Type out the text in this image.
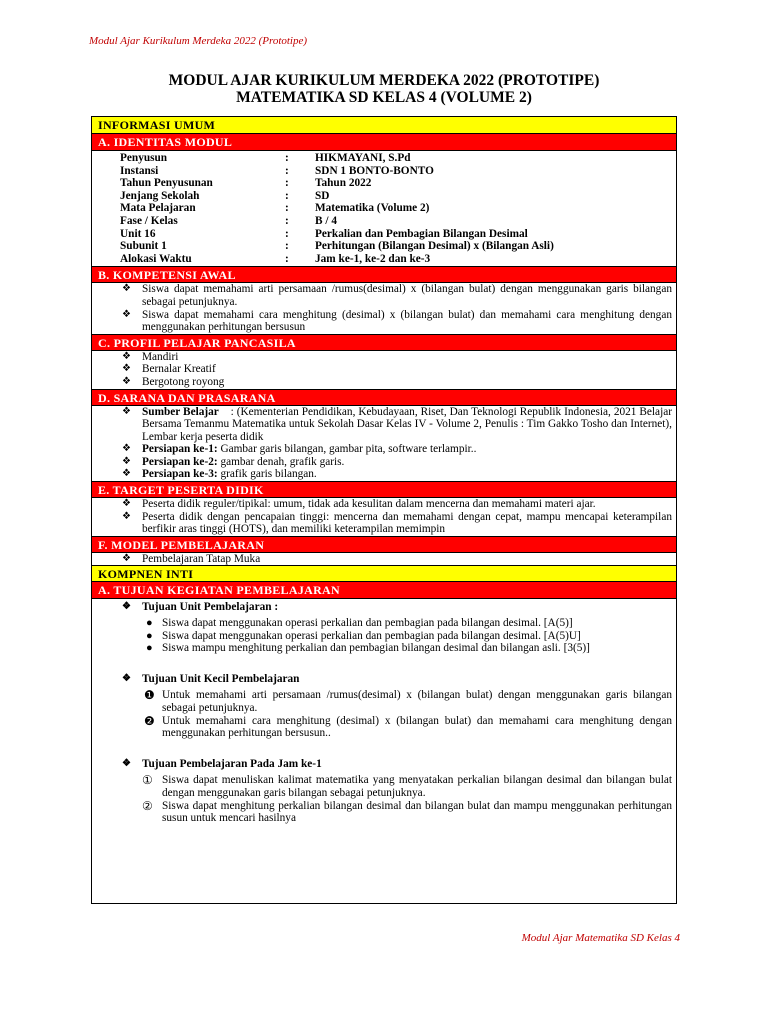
Modul Ajar Kurikulum Merdeka 2022 (Prototipe)
MODUL AJAR KURIKULUM MERDEKA 2022 (PROTOTIPE)
MATEMATIKA SD KELAS 4 (VOLUME 2)
INFORMASI UMUM
A. IDENTITAS MODUL
Penyusun	:	HIKMAYANI, S.Pd
Instansi	:	SDN 1 BONTO-BONTO
Tahun Penyusunan	:	Tahun 2022
Jenjang Sekolah	:	SD
Mata Pelajaran	:	Matematika (Volume 2)
Fase / Kelas	:	B / 4
Unit 16	:	Perkalian dan Pembagian Bilangan Desimal
Subunit 1	:	Perhitungan (Bilangan Desimal) x (Bilangan Asli)
Alokasi Waktu	:	Jam ke-1, ke-2 dan ke-3
B. KOMPETENSI AWAL
❖ Siswa dapat memahami arti persamaan /rumus(desimal) x (bilangan bulat) dengan menggunakan garis bilangan sebagai petunjuknya.
❖ Siswa dapat memahami cara menghitung (desimal) x (bilangan bulat) dan memahami cara menghitung dengan menggunakan perhitungan bersusun
C. PROFIL PELAJAR PANCASILA
❖ Mandiri
❖ Bernalar Kreatif
❖ Bergotong royong
D. SARANA DAN PRASARANA
❖ Sumber Belajar : (Kementerian Pendidikan, Kebudayaan, Riset, Dan Teknologi Republik Indonesia, 2021 Belajar Bersama Temanmu Matematika untuk Sekolah Dasar Kelas IV - Volume 2, Penulis : Tim Gakko Tosho dan Internet), Lembar kerja peserta didik
❖ Persiapan ke-1: Gambar garis bilangan, gambar pita, software terlampir..
❖ Persiapan ke-2: gambar denah, grafik garis.
❖ Persiapan ke-3: grafik garis bilangan.
E. TARGET PESERTA DIDIK
❖ Peserta didik reguler/tipikal: umum, tidak ada kesulitan dalam mencerna dan memahami materi ajar.
❖ Peserta didik dengan pencapaian tinggi: mencerna dan memahami dengan cepat, mampu mencapai keterampilan berfikir aras tinggi (HOTS), dan memiliki keterampilan memimpin
F. MODEL PEMBELAJARAN
❖ Pembelajaran Tatap Muka
KOMPNEN INTI
A. TUJUAN KEGIATAN PEMBELAJARAN
❖ Tujuan Unit Pembelajaran :
● Siswa dapat menggunakan operasi perkalian dan pembagian pada bilangan desimal. [A(5)]
● Siswa dapat menggunakan operasi perkalian dan pembagian pada bilangan desimal. [A(5)U]
● Siswa mampu menghitung perkalian dan pembagian bilangan desimal dan bilangan asli. [3(5)]
❖ Tujuan Unit Kecil Pembelajaran
❶ Untuk memahami arti persamaan /rumus(desimal) x (bilangan bulat) dengan menggunakan garis bilangan sebagai petunjuknya.
❷ Untuk memahami cara menghitung (desimal) x (bilangan bulat) dan memahami cara menghitung dengan menggunakan perhitungan bersusun..
❖ Tujuan Pembelajaran Pada Jam ke-1
① Siswa dapat menuliskan kalimat matematika yang menyatakan perkalian bilangan desimal dan bilangan bulat dengan menggunakan garis bilangan sebagai petunjuknya.
② Siswa dapat menghitung perkalian bilangan desimal dan bilangan bulat dan mampu menggunakan perhitungan susun untuk mencari hasilnya
Modul Ajar Matematika SD Kelas 4
